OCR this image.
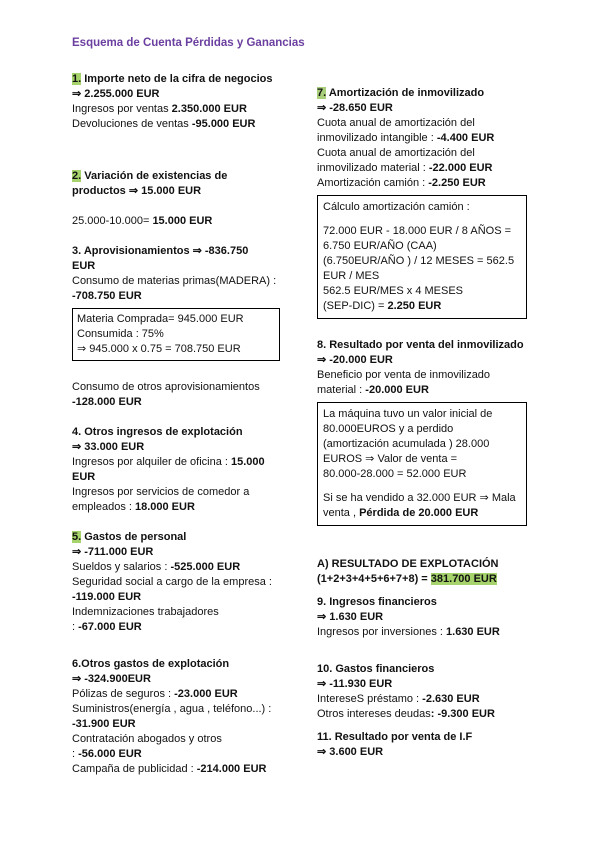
Esquema de Cuenta Pérdidas y Ganancias
1. Importe neto de la cifra de negocios
⇒ 2.255.000 EUR
Ingresos por ventas 2.350.000 EUR
Devoluciones de ventas -95.000 EUR
2. Variación de existencias de
productos ⇒ 15.000 EUR
25.000-10.000= 15.000 EUR
3. Aprovisionamientos ⇒ -836.750
EUR
Consumo de materias primas(MADERA) :
-708.750 EUR
Materia Comprada= 945.000 EUR
Consumida : 75%
⇒ 945.000 x 0.75 = 708.750 EUR
Consumo de otros aprovisionamientos
-128.000 EUR
4. Otros ingresos de explotación
⇒ 33.000 EUR
Ingresos por alquiler de oficina : 15.000
EUR
Ingresos por servicios de comedor a
empleados : 18.000 EUR
5. Gastos de personal
⇒ -711.000 EUR
Sueldos y salarios : -525.000 EUR
Seguridad social a cargo de la empresa :
-119.000 EUR
Indemnizaciones trabajadores
: -67.000 EUR
6.Otros gastos de explotación
⇒ -324.900EUR
Pólizas de seguros : -23.000 EUR
Suministros(energía , agua , teléfono...) :
-31.900 EUR
Contratación abogados y otros
: -56.000 EUR
Campaña de publicidad : -214.000 EUR
7. Amortización de inmovilizado
⇒ -28.650 EUR
Cuota anual de amortización del
inmovilizado intangible : -4.400 EUR
Cuota anual de amortización del
inmovilizado material : -22.000 EUR
Amortización camión : -2.250 EUR
Cálculo amortización camión :
72.000 EUR - 18.000 EUR / 8 AÑOS =
6.750 EUR/AÑO (CAA)
(6.750EUR/AÑO ) / 12 MESES = 562.5
EUR / MES
562.5 EUR/MES x 4 MESES
(SEP-DIC) = 2.250 EUR
8. Resultado por venta del inmovilizado
⇒ -20.000 EUR
Beneficio por venta de inmovilizado
material : -20.000 EUR
La máquina tuvo un valor inicial de
80.000EUROS y a perdido
(amortización acumulada ) 28.000
EUROS ⇒ Valor de venta =
80.000-28.000 = 52.000 EUR
Si se ha vendido a 32.000 EUR ⇒ Mala
venta , Pérdida de 20.000 EUR
A) RESULTADO DE EXPLOTACIÓN
(1+2+3+4+5+6+7+8) = 381.700 EUR
9. Ingresos financieros
⇒ 1.630 EUR
Ingresos por inversiones : 1.630 EUR
10. Gastos financieros
⇒ -11.930 EUR
IntereseS préstamo : -2.630 EUR
Otros intereses deudas: -9.300 EUR
11. Resultado por venta de I.F
⇒ 3.600 EUR
